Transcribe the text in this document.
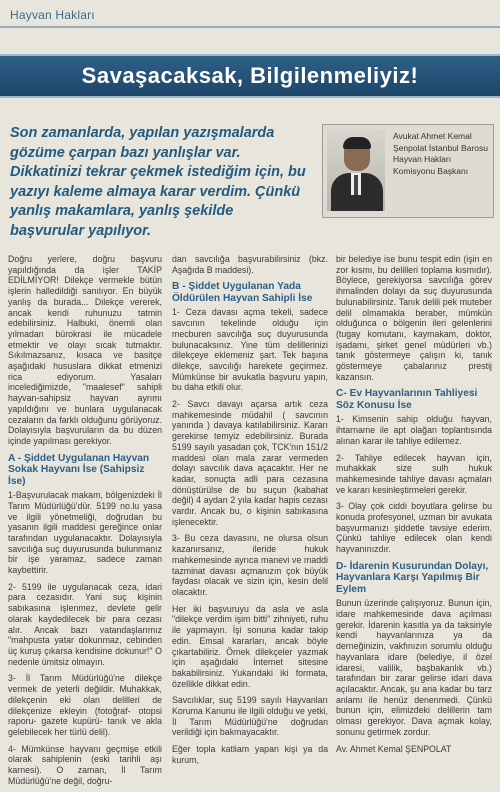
Hayvan Hakları
Savaşacaksak, Bilgilenmeliyiz!
Son zamanlarda, yapılan yazışmalarda gözüme çarpan bazı yanlışlar var. Dikkatinizi tekrar çekmek istediğim için, bu yazıyı kaleme almaya karar verdim. Çünkü yanlış makamlara, yanlış şekilde başvurular yapılıyor.
Avukat Ahmet Kemal Şenpolat İstanbul Barosu Hayvan Hakları Komisyonu Başkanı

Doğru yerlere, doğru başvuru yapıldığında da işler TAKİP EDİLMİYOR! Dilekçe vermekle bütün işlerin halledildiği sanılıyor. En büyük yanlış da burada... Dilekçe vererek, ancak kendi ruhunuzu tatmin edebilirsiniz. Halbuki, önemli olan yılmadan bürokrasi ile mücadele etmektir ve olayı sıcak tutmaktır. Sıkılmazsanız, kısaca ve basitçe aşağıdaki hususlara dikkat etmenizi rica ediyorum. Yasaları incelediğimizde, "maalesef" sahipli hayvan-sahipsiz hayvan ayrımı yapıldığını ve bunlara uygulanacak cezaların da farklı olduğunu görüyoruz. Dolayısıyla başvuruların da bu düzen içinde yapılması gerekiyor.

A - Şiddet Uygulanan Hayvan Sokak Hayvanı İse (Sahipsiz İse)

1-Başvurulacak makam, bölgenizdeki İl Tarım Müdürlüğü'dür. 5199 no.lu yasa ve ilgili yönetmeliği, doğrudan bu yasanın ilgili maddesi gereğince onlar tarafından uygulanacaktır. Dolayısıyla savcılığa suç duyurusunda bulunmanız bir işe yaramaz, sadece zaman kaybettirir.

2- 5199 ile uygulanacak ceza, idari para cezasıdır. Yani suç kişinin sabıkasına işlenmez, devlete gelir olarak kaydedilecek bir para cezası alır. Ancak bazı vatandaşlarımız "mahpusta yatar dokunmaz, cebinden üç kuruş çıkarsa kendisine dokunur!" O nedenle ümitsiz olmayın.

3- İl Tarım Müdürlüğü'ne dilekçe vermek de yeterli değildir. Muhakkak, dilekçenin eki olan delilleri de dilekçenize ekleyin (fotoğraf- otopsi raporu- gazete kupürü- tanık ve akla gelebilecek her türlü delil).

4- Mümkünse hayvanı geçmişe etkili olarak sahiplenin (eski tarihli aşı karnesi). O zaman, İl Tarım Müdürlüğü'ne değil, doğru-

dan savcılığa başvurabilirsiniz (bkz. Aşağıda B maddesi).

B - Şiddet Uygulanan Yada Öldürülen Hayvan Sahipli İse

1- Ceza davası açma tekeli, sadece savcının tekelinde olduğu için mecburen savcılığa suç duyurusunda bulunacaksınız. Yine tüm delillerinizi dilekçeye eklemeniz şart. Tek başına dilekçe, savcılığı harekete geçirmez. Mümkünse bir avukatla başvuru yapın, bu daha etkili olur.

2- Savcı davayı açarsa artık ceza mahkemesinde müdahil ( savcının yanında ) davaya katılabilirsiniz. Kararı gerekirse temyiz edebilirsiniz. Burada 5199 sayılı yasadan çok, TCK'nın 151/2 maddesi olan mala zarar vermeden dolayı savcılık dava açacaktır. Her ne kadar, sonuçta adli para cezasına dönüştürülse de bu suçun (kabahat değil) 4 aydan 2 yıla kadar hapis cezası vardır. Ancak bu, o kişinin sabıkasına işlenecektir.

3- Bu ceza davasını, ne olursa olsun kazanırsanız, ileride hukuk mahkemesinde ayrıca manevi ve maddi tazminat davası açmanızın çok büyük faydası olacak ve sizin için, kesin delil olacaktır.

Her iki başvuruyu da asla ve asla "dilekçe verdim işim bitti" zihniyeti, ruhu ile yapmayın. İşi sonuna kadar takip edin. Emsal kararları, ancak böyle çıkartabiliriz. Örnek dilekçeler yazmak için aşağıdaki İnternet sitesine bakabilirsiniz. Yukarıdaki iki formata, özellikle dikkat edin.

Savcılıklar, suç 5199 sayılı Hayvanları Koruma Kanunu ile ilgili olduğu ve yetki, İl Tarım Müdürlüğü'ne doğrudan verildiği için bakmayacaktır.

Eğer topla katliam yapan kişi ya da kurum,

bir belediye ise bunu tespit edin (işin en zor kısmı, bu delilleri toplama kısmıdır). Böylece, gerekiyorsa savcılığa görev ihmalinden dolayı da suç duyurusunda bulunabilirsiniz. Tanık delili pek muteber delil olmamakla beraber, mümkün olduğunca o bölgenin ileri gelenlerini (tugay komutanı, kaymakam, doktor, işadamı, şirket genel müdürleri vb.) tanık göstermeye çalışın ki, tanık göstermeye çabalarınız prestij kazansın.

C- Ev Hayvanlarının Tahliyesi Söz Konusu İse

1- Kimsenin sahip olduğu hayvan, ihtarname ile apt olağan toplantısında alınan karar ile tahliye edilemez.

2- Tahliye edilecek hayvan için, muhakkak size sulh hukuk mahkemesinde tahliye davası açmaları ve kararı kesinleştirmeleri gerekir.

3- Olay çok ciddi boyutlara gelirse bu konuda profesyonel, uzman bir avukata başvurmanızı şiddetle tavsiye ederim. Çünkü tahliye edilecek olan kendi hayvanınızdır.

D- İdarenin Kusurundan Dolayı, Hayvanlara Karşı Yapılmış Bir Eylem

Bunun üzerinde çalışıyoruz. Bunun için, idare mahkemesinde dava açılması gerekir. İdarenin kasıtla ya da taksiriyle kendi hayvanlarınıza ya da derneğinizin, vakfınızın sorumlu olduğu hayvanlara idare (belediye, il özel idaresi, valilik, başbakanlık vb.) tarafından bir zarar gelirse idari dava açılacaktır. Ancak, şu ana kadar bu tarz anlamı ile henüz denenmedi. Çünkü bunun için, elimizdeki delillerin tam olması gerekiyor. Dava açmak kolay, sonunu getirmek zordur.

Av. Ahmet Kemal ŞENPOLAT
